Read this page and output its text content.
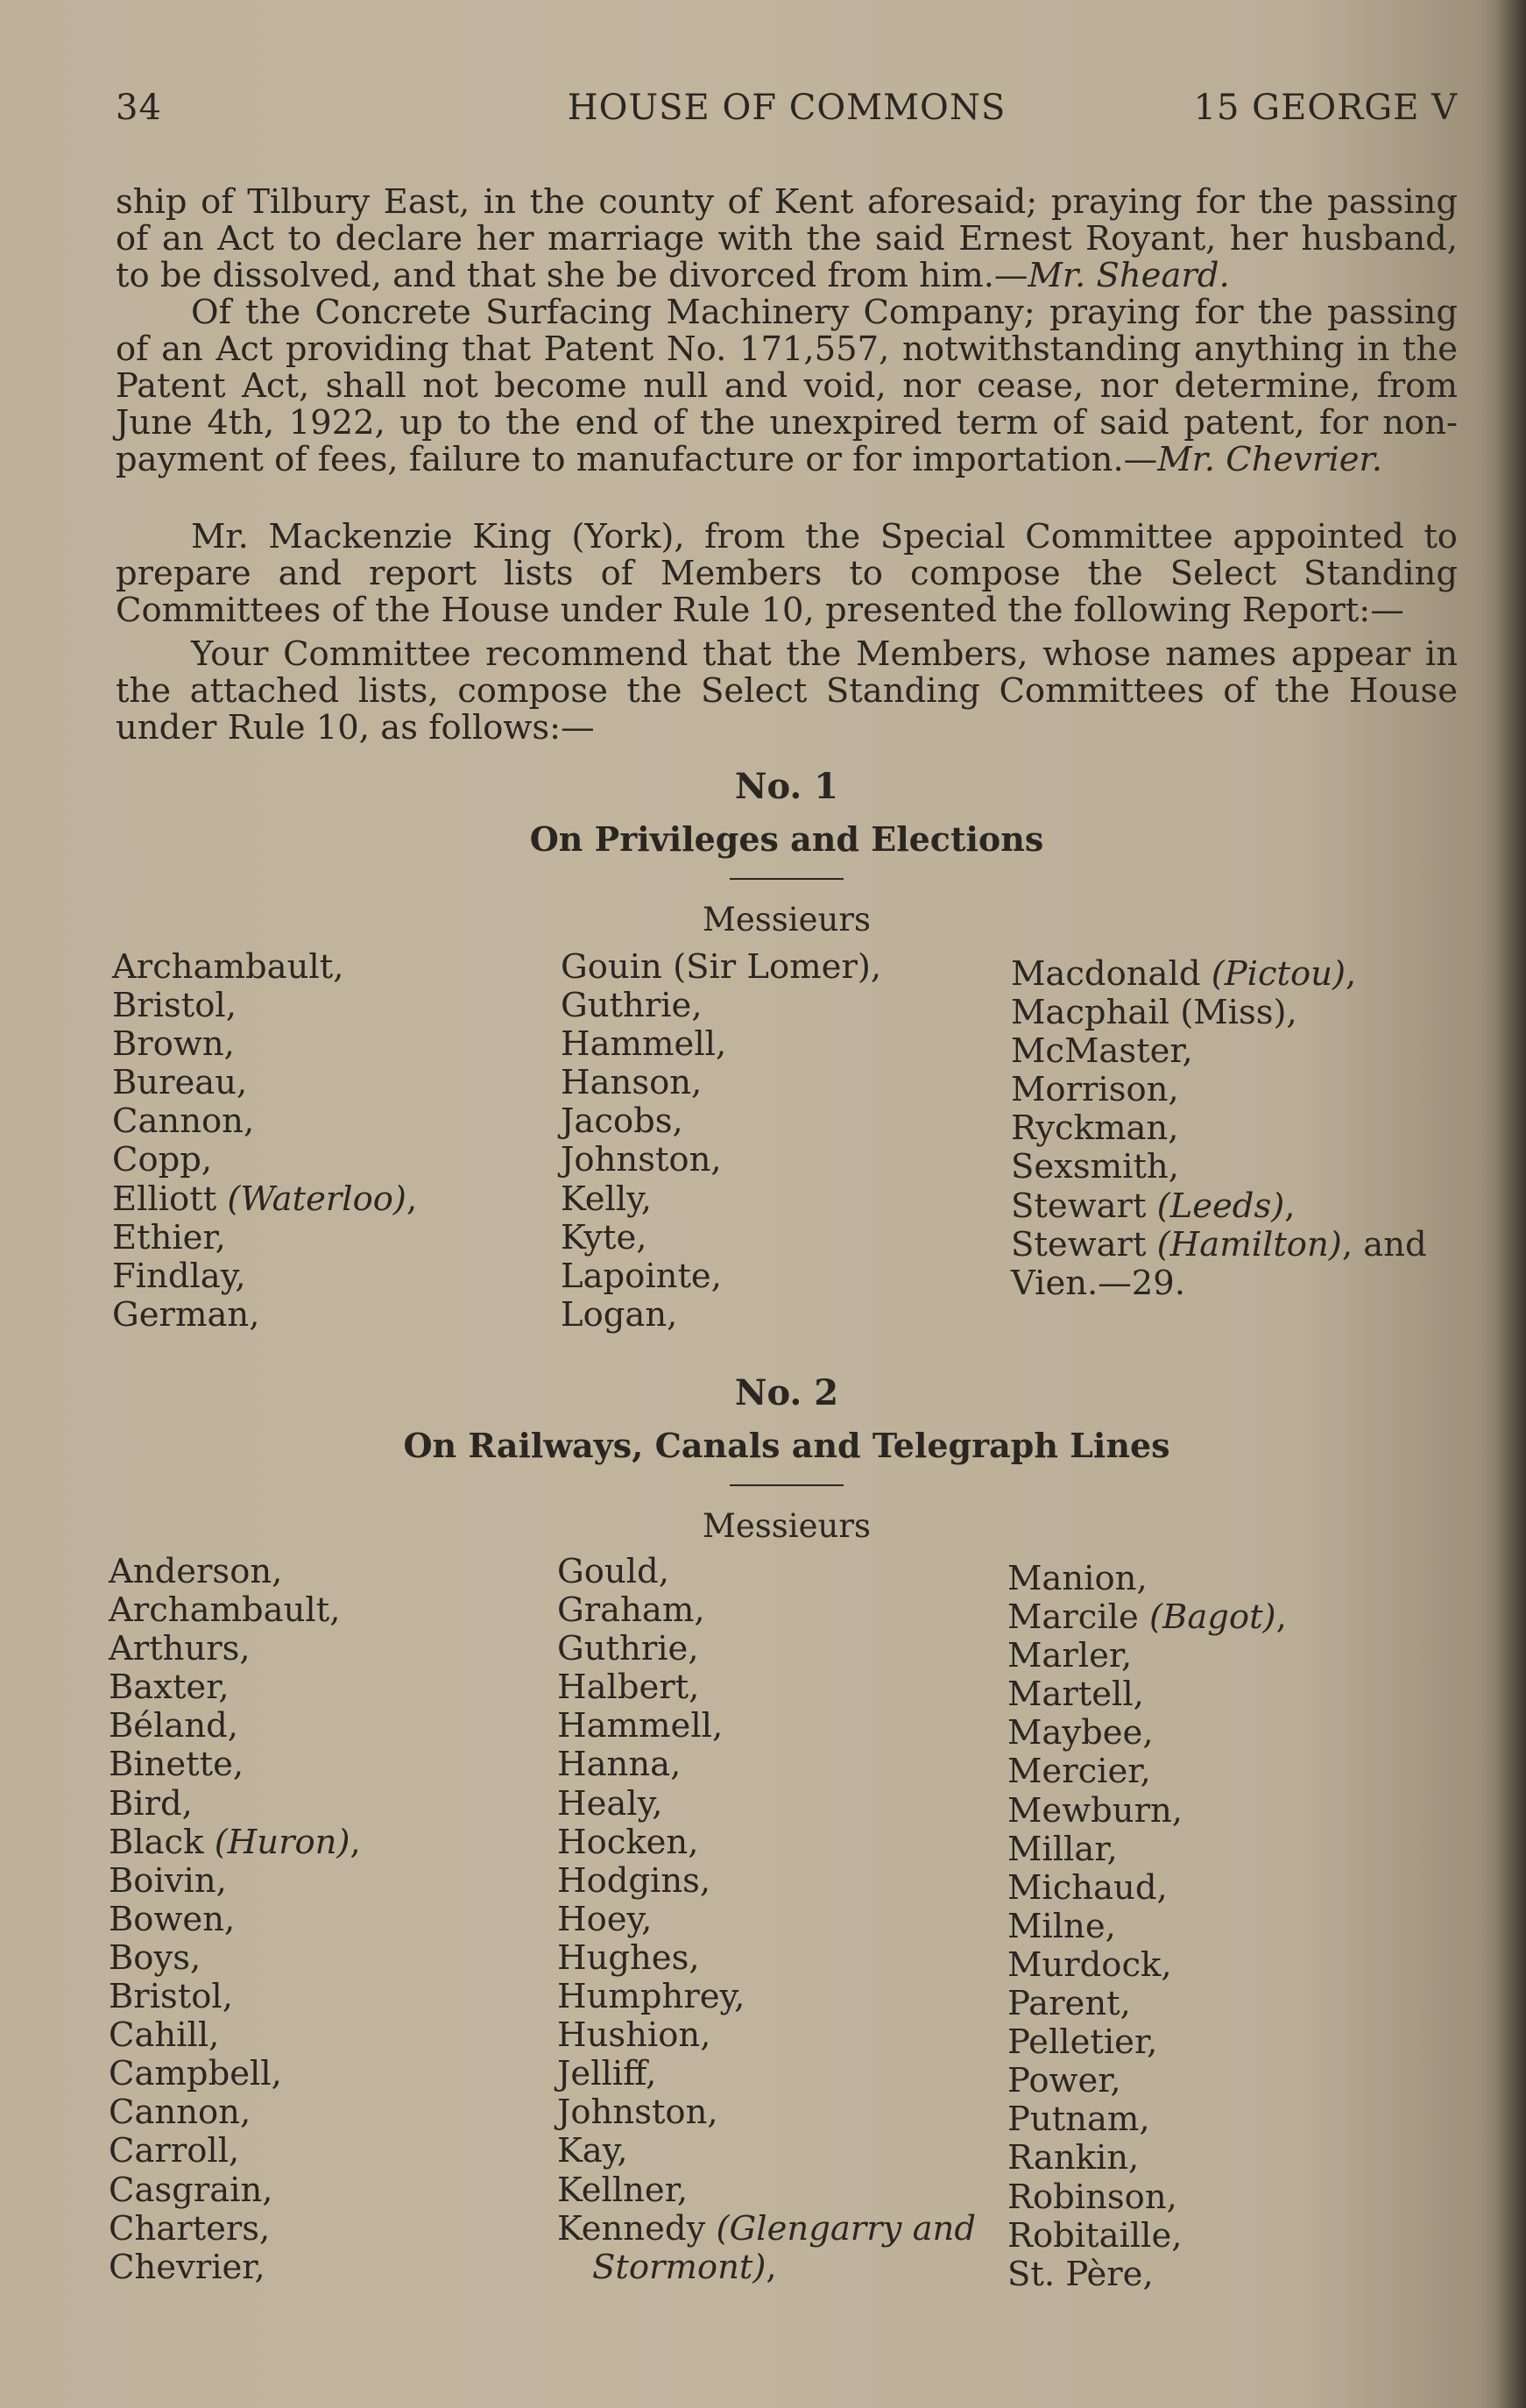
34	HOUSE OF COMMONS	15 GEORGE V

ship of Tilbury East, in the county of Kent aforesaid; praying for the passing of an Act to declare her marriage with the said Ernest Royant, her husband, to be dissolved, and that she be divorced from him.—Mr. Sheard.

Of the Concrete Surfacing Machinery Company; praying for the passing of an Act providing that Patent No. 171,557, notwithstanding anything in the Patent Act, shall not become null and void, nor cease, nor determine, from June 4th, 1922, up to the end of the unexpired term of said patent, for non-payment of fees, failure to manufacture or for importation.—Mr. Chevrier.

Mr. Mackenzie King (York), from the Special Committee appointed to prepare and report lists of Members to compose the Select Standing Committees of the House under Rule 10, presented the following Report:—

Your Committee recommend that the Members, whose names appear in the attached lists, compose the Select Standing Committees of the House under Rule 10, as follows:—

No. 1
On Privileges and Elections
Messieurs
Archambault,
Bristol,
Brown,
Bureau,
Cannon,
Copp,
Elliott (Waterloo),
Ethier,
Findlay,
German,
Gouin (Sir Lomer),
Guthrie,
Hammell,
Hanson,
Jacobs,
Johnston,
Kelly,
Kyte,
Lapointe,
Logan,
Macdonald (Pictou),
Macphail (Miss),
McMaster,
Morrison,
Ryckman,
Sexsmith,
Stewart (Leeds),
Stewart (Hamilton), and
Vien.—29.
No. 2
On Railways, Canals and Telegraph Lines
Messieurs
Anderson,
Archambault,
Arthurs,
Baxter,
Béland,
Binette,
Bird,
Black (Huron),
Boivin,
Bowen,
Boys,
Bristol,
Cahill,
Campbell,
Cannon,
Carroll,
Casgrain,
Charters,
Chevrier,
Gould,
Graham,
Guthrie,
Halbert,
Hammell,
Hanna,
Healy,
Hocken,
Hodgins,
Hoey,
Hughes,
Humphrey,
Hushion,
Jelliff,
Johnston,
Kay,
Kellner,
Kennedy (Glengarry and
Stormont),
Manion,
Marcile (Bagot),
Marler,
Martell,
Maybee,
Mercier,
Mewburn,
Millar,
Michaud,
Milne,
Murdock,
Parent,
Pelletier,
Power,
Putnam,
Rankin,
Robinson,
Robitaille,
St. Père,
